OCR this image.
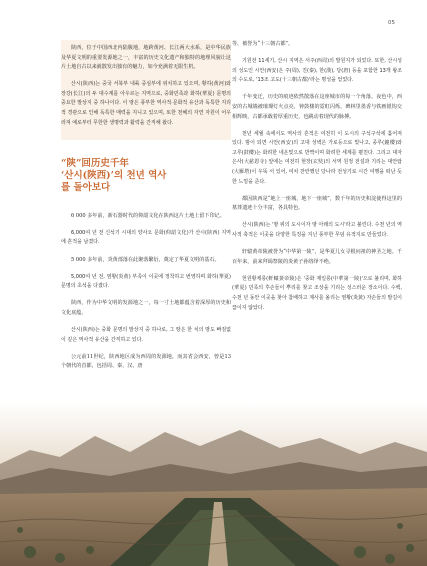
05

陕西，位于中国西北内陆腹地，地跨黄河、长江两大水系，是中华民族及华夏文明的重要发源地之一，丰富的历史文化遗产和独特的地理风貌让这片土地自古以来就散发出独有的魅力，如今充满着无限生机。

산시(陕西)는 중국 서북부 내륙 중심부에 위치하고 있으며, 황하(黄河)와 장강(长江)의 두 대수계를 아우르는 지역으로, 중화민족과 화하(華夏) 문명의 중요한 발상지 중 하나이다. 이 땅은 풍부한 역사적·문화적 유산과 독특한 지리적 경관으로 인해 독특한 매력을 지니고 있으며, 또한 천혜의 자연 자원이 어우러져 예로부터 무한한 생명력과 활력을 간직해 왔다.

“陕”回历史千年
‘산시(陕西)’의 천년 역사
를 돌아보다

6 000 多年前，新石器时代的仰韶文化在陕西这片土地上留下印记。

6,000여 년 전 신석기 시대의 양사오 문화(仰韶文化)가 산시(陕西) 지역에 흔적을 남겼다.

5 000 多年前，炎黄部落在此聚落繁衍，奠定了华夏文明的基石。

5,000여 년 전, 염황(炎黄) 부족이 이곳에 정착하고 번영하며 화하(華夏) 문명의 초석을 다졌다.

陕西，作为中华文明的发源地之一，每一寸土地都蕴含着深厚的历史和文化底蕴。

산시(陕西)는 중화 문명의 발상지 중 하나로, 그 땅은 한 치의 땅도 빠짐없이 깊은 역사적 유산을 간직하고 있다.

公元前11世纪，陕西地区成为西周的发源地，而其省会西安，曾是13个朝代的首都，包括周、秦、汉、唐

等，被誉为“十三朝古都”。

기원전 11세기, 산시 지역은 서주(西周)의 발원지가 되었다. 또한, 산시성의 성도인 시안(西安)은 주(周), 진(秦), 한(漢), 당(唐) 등을 포함한 13개 왕조의 수도로, '13조 고도(十三朝古都)'라는 명성을 얻었다.

千年变迁，历史的痕迹依然散落在这座城市的每一个角落。夜色中，西安的古城墙被璀璨灯火点亮，钟鼓楼的霓虹闪烁，碑林里墨香与铁画银钩交相辉映，古都承载着厚重历史，也跳动着现代的脉搏。

천년 세월 속에서도 역사의 흔적은 여전히 이 도시의 구석구석에 흩어져 있다. 밤이 되면 시안(西安)의 고대 성벽은 가로등으로 빛나고, 종루(鐘樓)와 고루(鼓樓)는 화려한 네온빛으로 반짝이며 화려한 세계를 펼친다. 그리고 대자은사(大慈恩寺) 앞에는 여전히 현장(玄奘)의 서역 원정 전설과 기리는 대안탑(大雁塔)이 우뚝 서 있어, 여치 찬란했던 당나라 전성기로 시간 여행을 떠난 듯한 느낌을 준다.

都因陕西是“地上一座城，地下一座城”，数千年的历史积淀使得这里的墓葬遗迹十分丰富，各具特色。

산시(陕西)는 '땅 위의 도시이자 땅 아래의 도시'라고 불린다. 수천 년의 역사적 축적은 이곳을 다양한 특징을 지닌 풍부한 무덤 유적지로 만들었다.

轩辕黄帝陵被誉为“中华第一陵”，是华夏儿女寻根问祖的神圣之地。千百年来，前来拜谒祭陵的炎黄子孙络绎不绝。

헌원황제릉(軒轅黃帝陵)은 '중화 제일릉(中華第一陵)'으로 불리며, 화하(華夏) 민족의 후손들이 뿌리를 찾고 조상을 기리는 성스러운 장소이다. 수백, 수천 년 동안 이곳을 찾아 참배하고 제사를 올리는 염황(炎黃) 자손들의 발길이 끊이지 않았다.
